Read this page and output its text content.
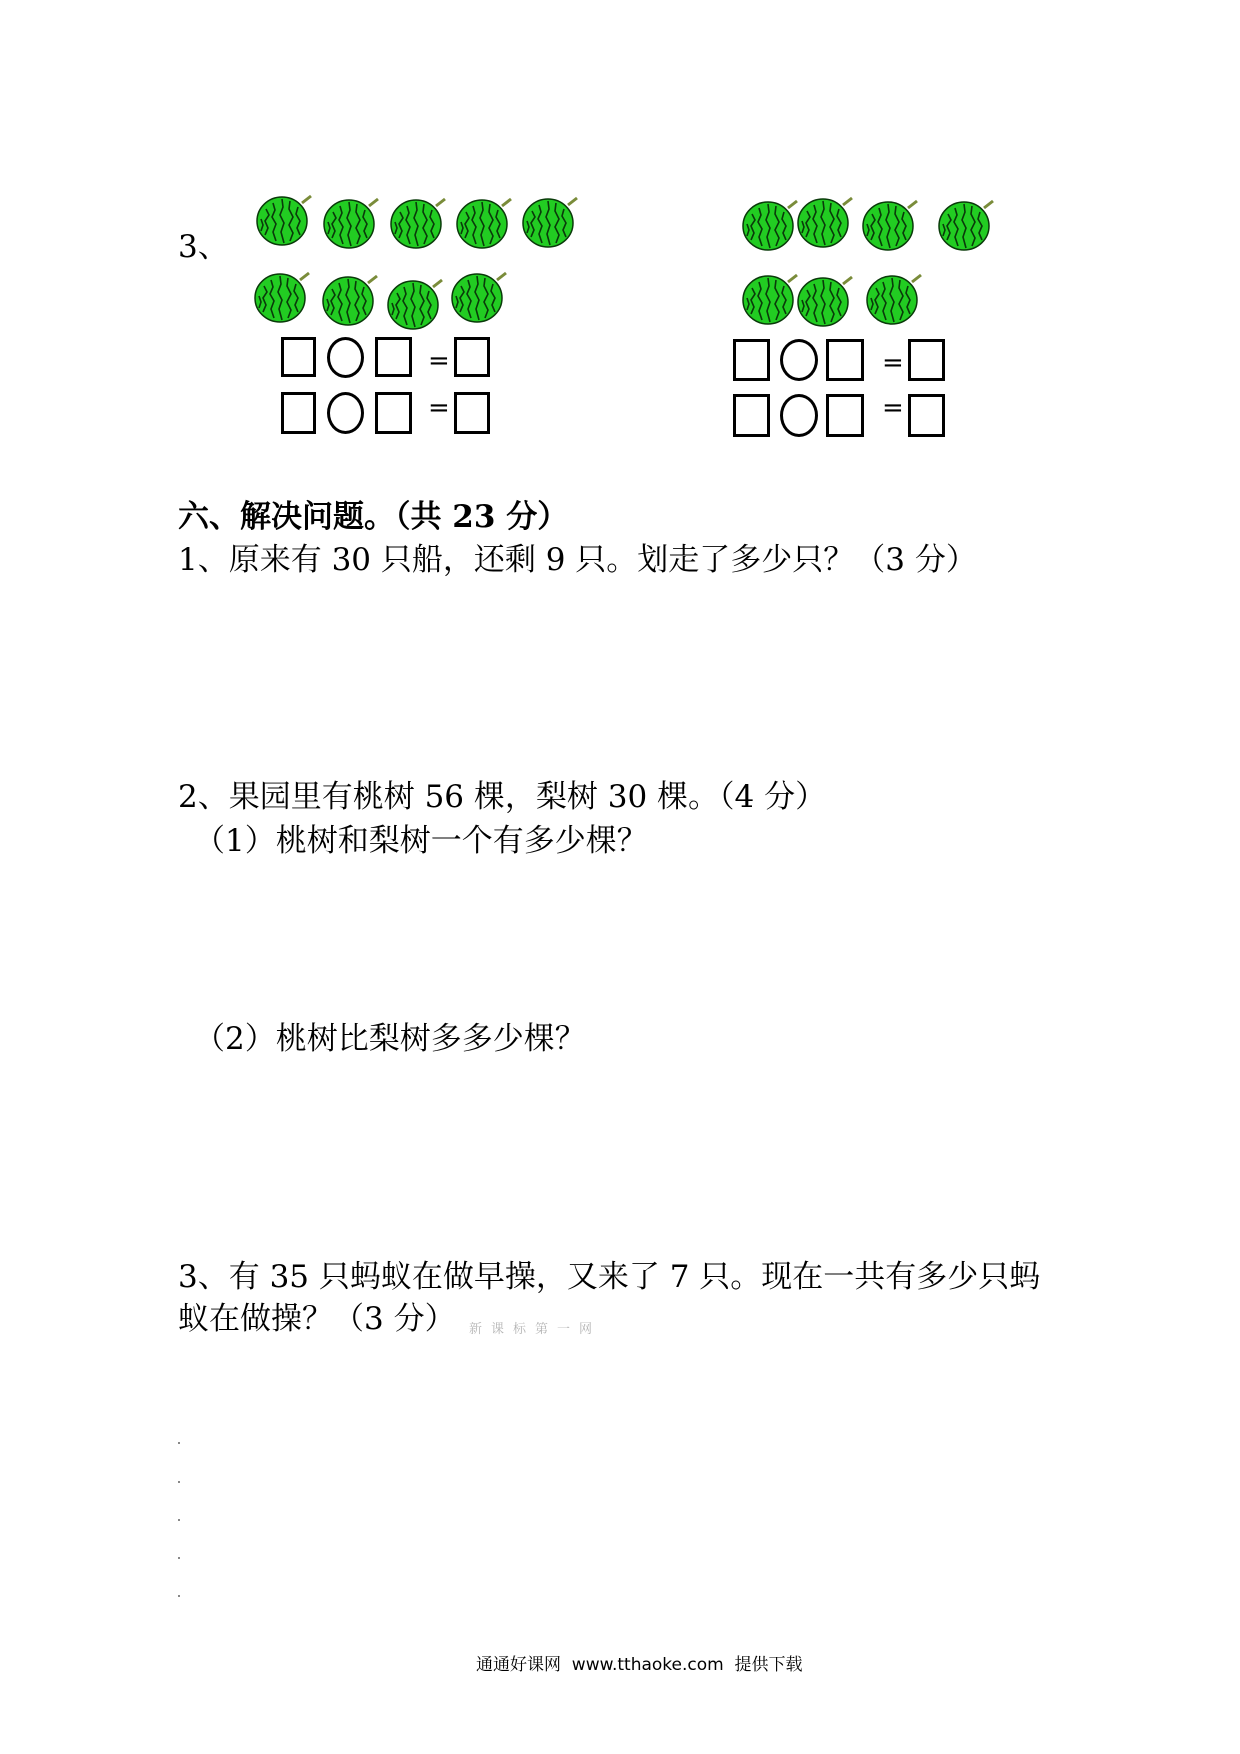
3、
=
=
=
=
六、解决问题。（共 23 分）
1、原来有 30 只船，还剩 9 只。划走了多少只？（3 分）
2、果园里有桃树 56 棵，梨树 30 棵。（4 分）
（1）桃树和梨树一个有多少棵？
（2）桃树比梨树多多少棵？
3、有 35 只蚂蚁在做早操，又来了 7 只。现在一共有多少只蚂
蚁在做操？（3 分） 新课标第一网
通通好课网  www.tthaoke.com  提供下载
